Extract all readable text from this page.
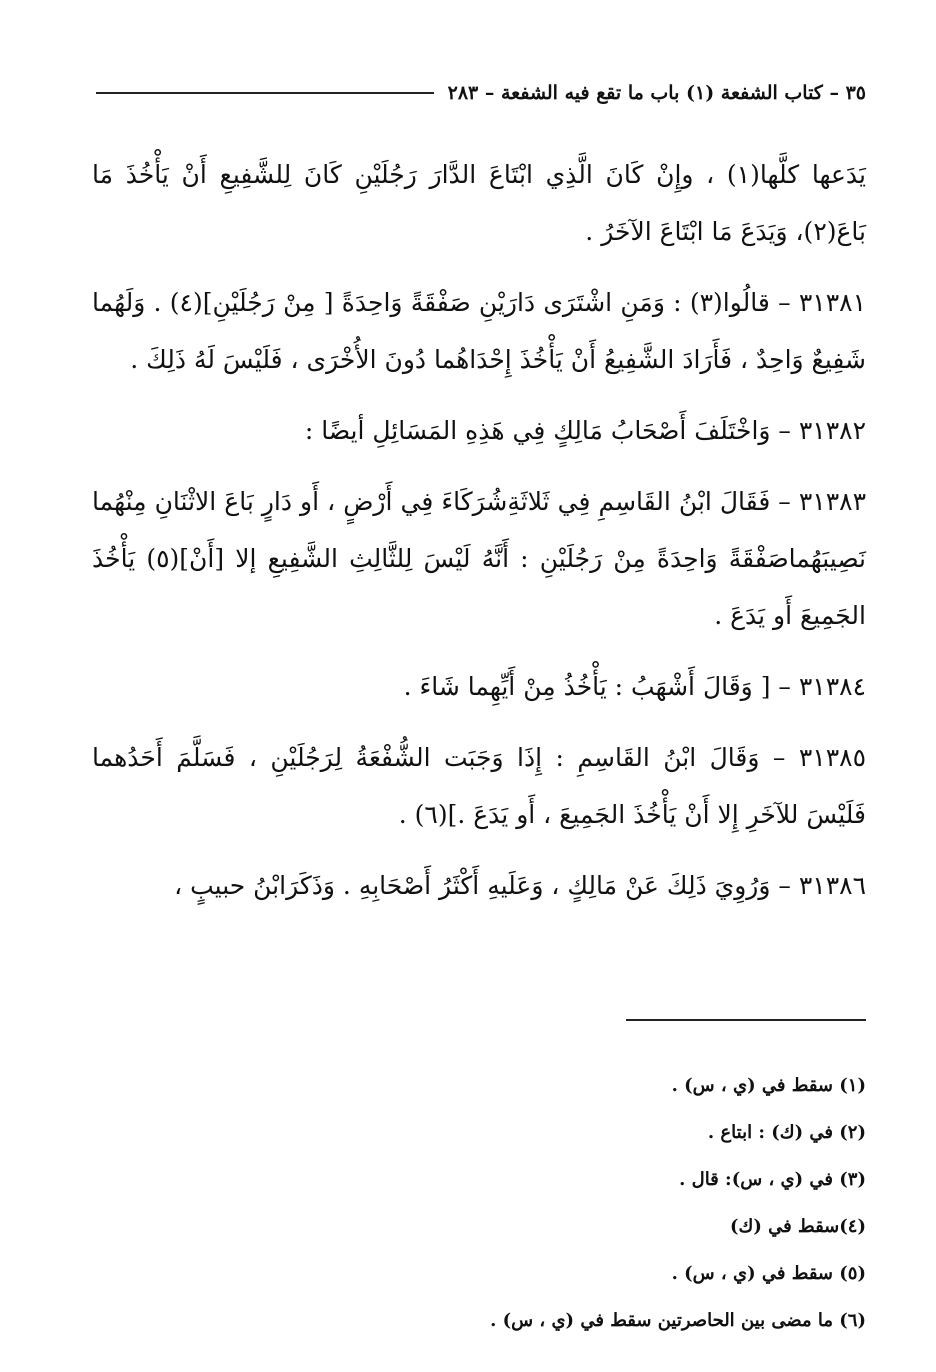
٣٥ – كتاب الشفعة (١) باب ما تقع فيه الشفعة – ٢٨٣

يَدَعها كلَّها(١) ، وإِنْ كَانَ الَّذِي ابْتَاعَ الدَّارَ رَجُلَيْنِ كَانَ لِلشَّفِيعِ أَنْ يَأْخُذَ مَا بَاعَ(٢)، وَيَدَعَ مَا ابْتَاعَ الآخَرُ .

٣١٣٨١ – قالُوا(٣) : وَمَنِ اشْتَرَى دَارَيْنِ صَفْقَةً وَاحِدَةً [ مِنْ رَجُلَيْنِ](٤) . وَلَهُما شَفِيعٌ وَاحِدٌ ، فَأَرَادَ الشَّفِيعُ أَنْ يَأْخُذَ إِحْدَاهُما دُونَ الأُخْرَى ، فَلَيْسَ لَهُ ذَلِكَ .

٣١٣٨٢ – وَاخْتَلَفَ أَصْحَابُ مَالِكٍ فِي هَذِهِ المَسَائِلِ أيضًا :

٣١٣٨٣ – فَقَالَ ابْنُ القَاسِمِ فِي ثَلاثَةِشُرَكَاءَ فِي أَرْضٍ ، أَو دَارٍ بَاعَ الاثْنَانِ مِنْهُما نَصِيبَهُماصَفْقَةً وَاحِدَةً مِنْ رَجُلَيْنِ : أَنَّهُ لَيْسَ لِلثَّالِثِ الشَّفِيعِ إلا [أَنْ](٥) يَأْخُذَ الجَمِيعَ أَو يَدَعَ .

٣١٣٨٤ – [ وَقَالَ أَشْهَبُ : يَأْخُذُ مِنْ أَيِّهِما شَاءَ .

٣١٣٨٥ – وَقَالَ ابْنُ القَاسِمِ : إِذَا وَجَبَت الشُّفْعَةُ لِرَجُلَيْنِ ، فَسَلَّمَ أَحَدُهما فَلَيْسَ للآخَرِ إِلا أَنْ يَأْخُذَ الجَمِيعَ ، أَو يَدَعَ .](٦) .

٣١٣٨٦ – وَرُوِيَ ذَلِكَ عَنْ مَالِكٍ ، وَعَلَيهِ أَكْثَرُ أَصْحَابِهِ . وَذَكَرَابْنُ حبيبٍ ،

(١) سقط في (ي ، س) .

(٢) في (ك) : ابتاع .

(٣) في (ي ، س): قال .

(٤)سقط في (ك)

(٥) سقط في (ي ، س) .

(٦) ما مضى بين الحاصرتين سقط في (ي ، س) .
